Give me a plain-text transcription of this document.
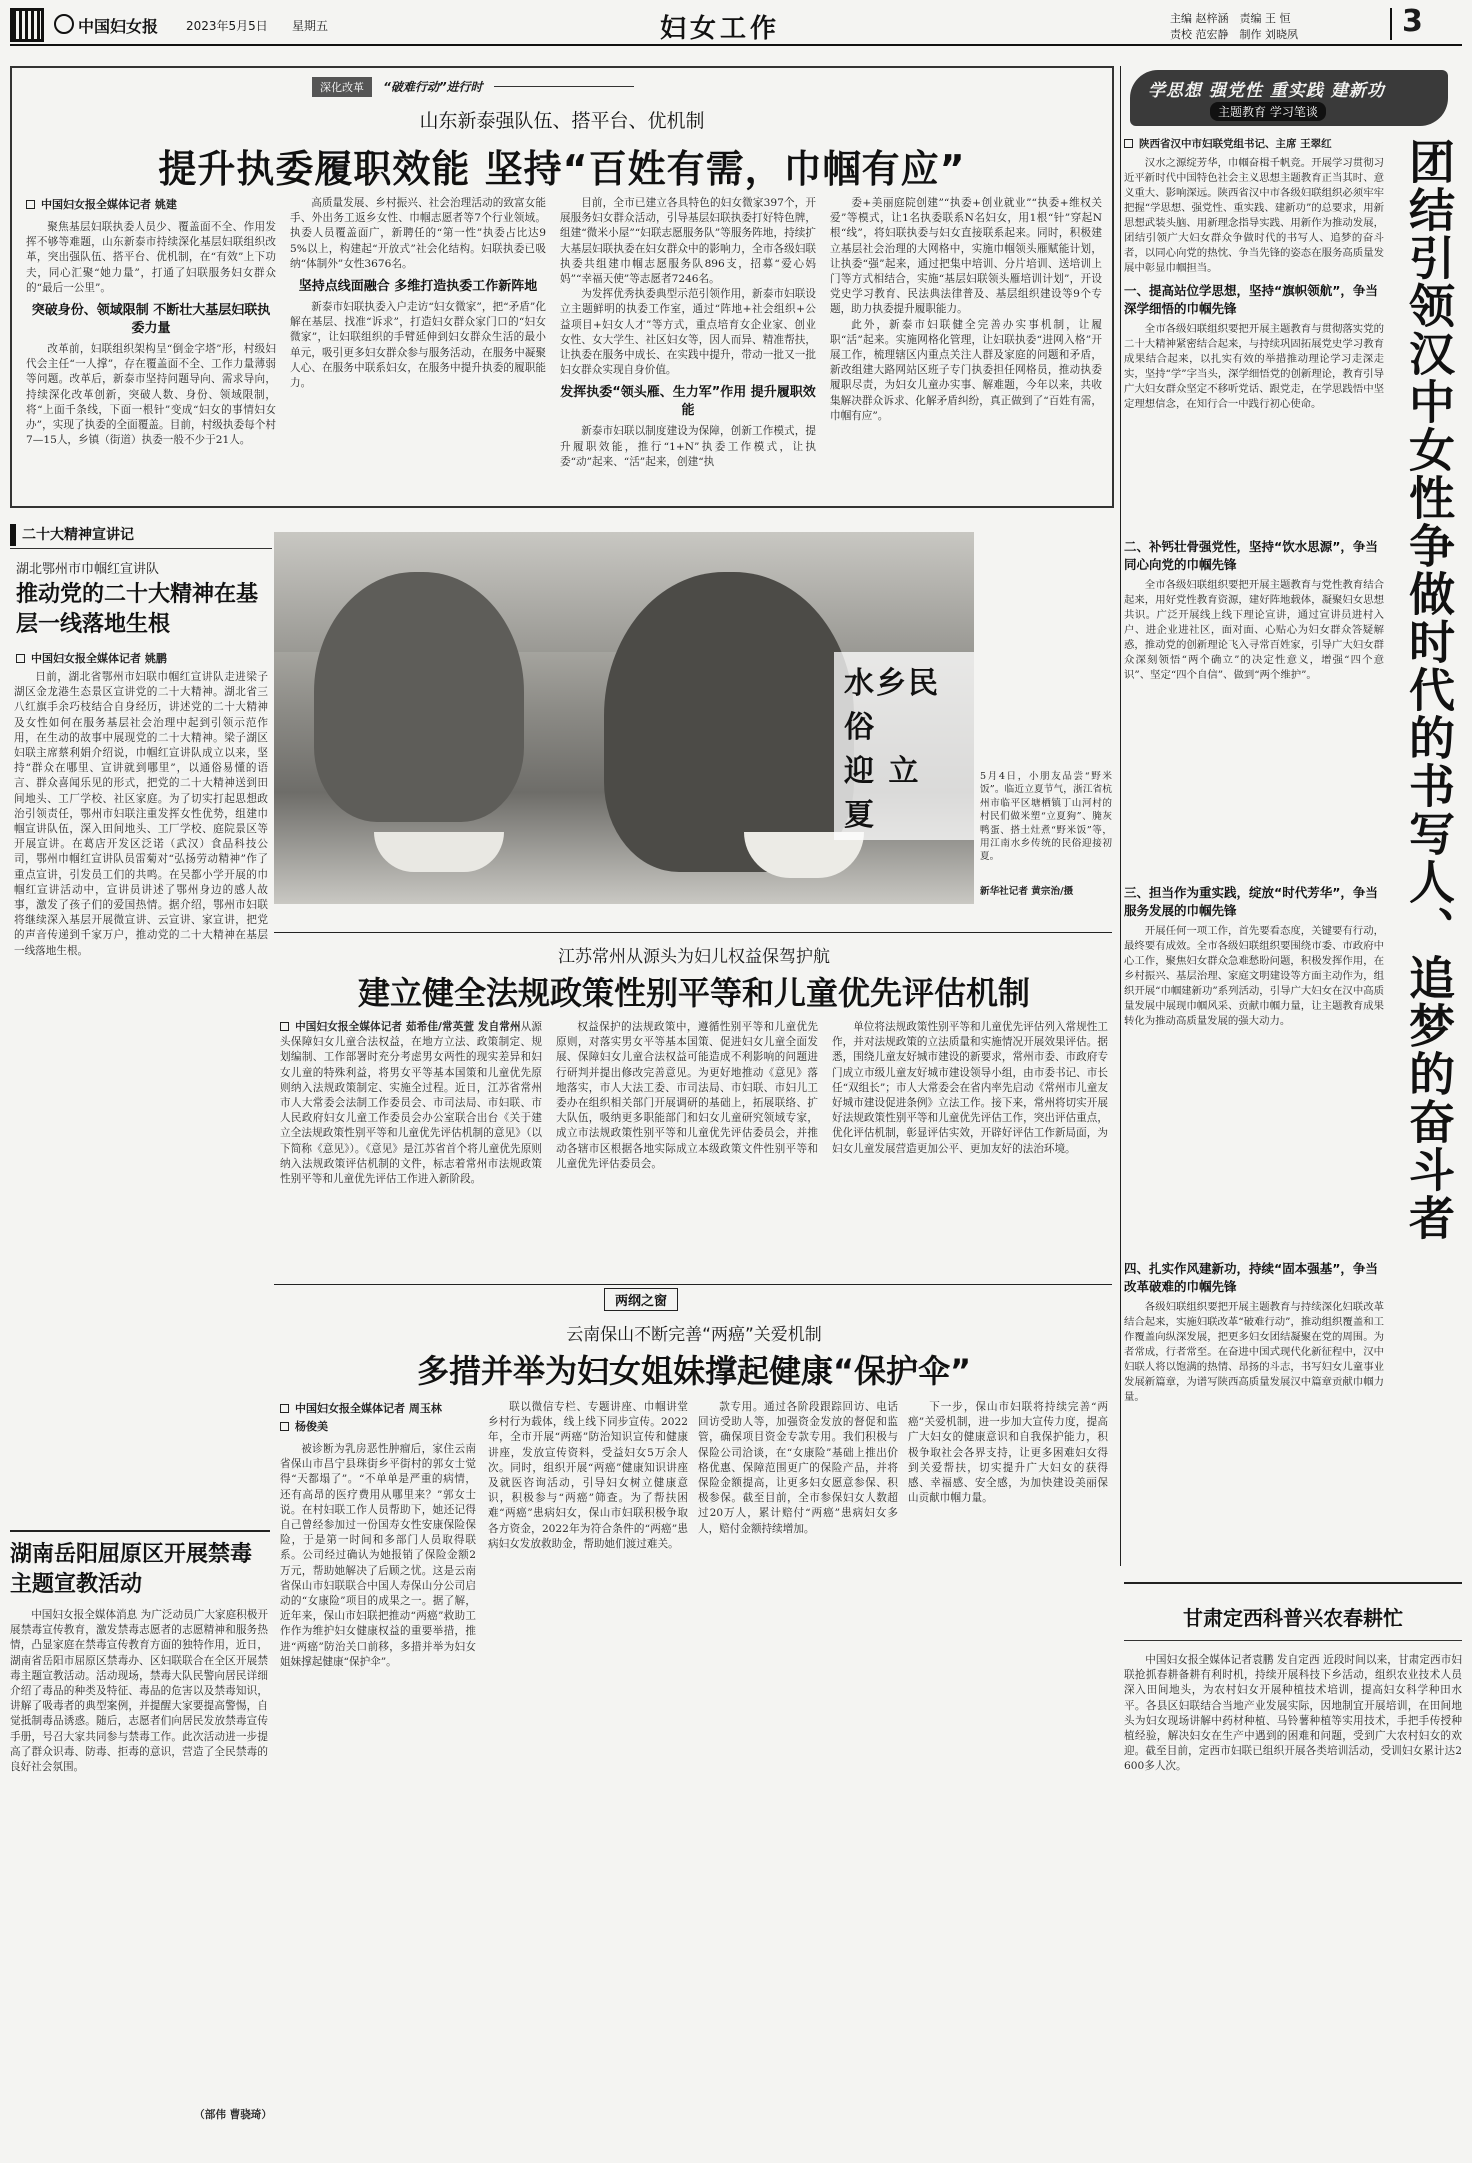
中国妇女报 2023年5月5日 星期五	妇女工作	主编 赵梓涵　责编 王 恒
责校 范宏静　制作 刘晓夙	3
深化改革 “破难行动”进行时
山东新泰强队伍、搭平台、优机制
提升执委履职效能 坚持“百姓有需，巾帼有应”
中国妇女报全媒体记者 姚建

聚焦基层妇联执委人员少、覆盖面不全、作用发挥不够等难题，山东新泰市持续深化基层妇联组织改革，突出强队伍、搭平台、优机制，在“有效”上下功夫，同心汇聚“她力量”，打通了妇联服务妇女群众的“最后一公里”。

突破身份、领域限制 不断壮大基层妇联执委力量

改革前，妇联组织架构呈“倒金字塔”形，村级妇代会主任“一人撑”，存在覆盖面不全、工作力量薄弱等问题。改革后，新泰市坚持问题导向、需求导向，持续深化改革创新，突破人数、身份、领域限制，将“上面千条线，下面一根针”变成“妇女的事情妇女办”，实现了执委的全面覆盖。目前，村级执委每个村7—15人，乡镇（街道）执委一般不少于21人。

高质量发展、乡村振兴、社会治理活动的致富女能手、外出务工返乡女性、巾帼志愿者等7个行业领域。执委人员覆盖面广，新聘任的“第一性”执委占比达95%以上，构建起“开放式”社会化结构。妇联执委已吸纳“体制外”女性3676名。

坚持点线面融合 多维打造执委工作新阵地

新泰市妇联执委入户走访“妇女微家”，把“矛盾”化解在基层、找准“诉求”，打造妇女群众家门口的“妇女微家”，让妇联组织的手臂延伸到妇女群众生活的最小单元，吸引更多妇女群众参与服务活动，在服务中凝聚人心、在服务中联系妇女，在服务中提升执委的履职能力。

目前，全市已建立各具特色的妇女微家397个，开展服务妇女群众活动，引导基层妇联执委打好特色牌，组建“微米小屋”“妇联志愿服务队”等服务阵地，持续扩大基层妇联执委在妇女群众中的影响力，全市各级妇联执委共组建巾帼志愿服务队896支，招募“爱心妈妈”“幸福天使”等志愿者7246名。

为发挥优秀执委典型示范引领作用，新泰市妇联设立主题鲜明的执委工作室，通过“阵地+社会组织+公益项目+妇女人才”等方式，重点培育女企业家、创业女性、女大学生、社区妇女等，因人而异、精准帮扶，让执委在服务中成长、在实践中提升，带动一批又一批妇女群众实现自身价值。

发挥执委“领头雁、生力军”作用 提升履职效能

新泰市妇联以制度建设为保障，创新工作模式，提升履职效能，推行“1+N”执委工作模式，让执委“动”起来、“活”起来，创建“执

委+美丽庭院创建”“执委+创业就业”“执委+维权关爱”等模式，让1名执委联系N名妇女，用1根“针”穿起N根“线”，将妇联执委与妇女直接联系起来。同时，积极建立基层社会治理的大网格中，实施巾帼领头雁赋能计划，让执委“强”起来，通过把集中培训、分片培训、送培训上门等方式相结合，实施“基层妇联领头雁培训计划”，开设党史学习教育、民法典法律普及、基层组织建设等9个专题，助力执委提升履职能力。

此外，新泰市妇联健全完善办实事机制，让履职“活”起来。实施网格化管理，让妇联执委“进网入格”开展工作，梳理辖区内重点关注人群及家庭的问题和矛盾，新改组建大路网站区班子专门执委担任网格员，推动执委履职尽责，为妇女儿童办实事、解难题，今年以来，共收集解决群众诉求、化解矛盾纠纷，真正做到了“百姓有需，巾帼有应”。

学思想 强党性 重实践 建新功
主题教育 学习笔谈
陕西省汉中市妇联党组书记、主席 王翠红

汉水之源绽芳华，巾帼奋楫千帆竞。开展学习贯彻习近平新时代中国特色社会主义思想主题教育正当其时、意义重大、影响深远。陕西省汉中市各级妇联组织必须牢牢把握“学思想、强党性、重实践、建新功”的总要求，用新思想武装头脑、用新理念指导实践、用新作为推动发展，团结引领广大妇女群众争做时代的书写人、追梦的奋斗者，以同心向党的热忱、争当先锋的姿态在服务高质量发展中彰显巾帼担当。

一、提高站位学思想，坚持“旗帜领航”，争当深学细悟的巾帼先锋

全市各级妇联组织要把开展主题教育与贯彻落实党的二十大精神紧密结合起来，与持续巩固拓展党史学习教育成果结合起来，以扎实有效的举措推动理论学习走深走实，坚持“学”字当头，深学细悟党的创新理论，教育引导广大妇女群众坚定不移听党话、跟党走，在学思践悟中坚定理想信念，在知行合一中践行初心使命。

二、补钙壮骨强党性，坚持“饮水思源”，争当同心向党的巾帼先锋

全市各级妇联组织要把开展主题教育与党性教育结合起来，用好党性教育资源，建好阵地载体，凝聚妇女思想共识。广泛开展线上线下理论宣讲，通过宣讲员进村入户、进企业进社区，面对面、心贴心为妇女群众答疑解惑，推动党的创新理论飞入寻常百姓家，引导广大妇女群众深刻领悟“两个确立”的决定性意义，增强“四个意识”、坚定“四个自信”、做到“两个维护”。

三、担当作为重实践，绽放“时代芳华”，争当服务发展的巾帼先锋

开展任何一项工作，首先要看态度，关键要有行动，最终要有成效。全市各级妇联组织要围绕市委、市政府中心工作，聚焦妇女群众急难愁盼问题，积极发挥作用，在乡村振兴、基层治理、家庭文明建设等方面主动作为，组织开展“巾帼建新功”系列活动，引导广大妇女在汉中高质量发展中展现巾帼风采、贡献巾帼力量，让主题教育成果转化为推动高质量发展的强大动力。

四、扎实作风建新功，持续“固本强基”，争当改革破难的巾帼先锋

各级妇联组织要把开展主题教育与持续深化妇联改革结合起来，实施妇联改革“破难行动”，推动组织覆盖和工作覆盖向纵深发展，把更多妇女团结凝聚在党的周围。为者常成，行者常至。在奋进中国式现代化新征程中，汉中妇联人将以饱满的热情、昂扬的斗志，书写妇女儿童事业发展新篇章，为谱写陕西高质量发展汉中篇章贡献巾帼力量。

团结引领汉中女性争做时代的书写人、追梦的奋斗者
二十大精神宣讲记
湖北鄂州市巾帼红宣讲队
推动党的二十大精神在基层一线落地生根
中国妇女报全媒体记者 姚鹏

日前，湖北省鄂州市妇联巾帼红宣讲队走进梁子湖区金龙港生态景区宣讲党的二十大精神。湖北省三八红旗手余巧枝结合自身经历，讲述党的二十大精神及女性如何在服务基层社会治理中起到引领示范作用，在生动的故事中展现党的二十大精神。梁子湖区妇联主席蔡利娟介绍说，巾帼红宣讲队成立以来，坚持“群众在哪里、宣讲就到哪里”，以通俗易懂的语言、群众喜闻乐见的形式，把党的二十大精神送到田间地头、工厂学校、社区家庭。为了切实打起思想政治引领责任，鄂州市妇联注重发挥女性优势，组建巾帼宣讲队伍，深入田间地头、工厂学校、庭院景区等开展宣讲。在葛店开发区泛诺（武汉）食品科技公司，鄂州巾帼红宣讲队员雷菊对“弘扬劳动精神”作了重点宣讲，引发员工们的共鸣。在吴都小学开展的巾帼红宣讲活动中，宣讲员讲述了鄂州身边的感人故事，激发了孩子们的爱国热情。据介绍，鄂州市妇联将继续深入基层开展微宣讲、云宣讲、家宣讲，把党的声音传递到千家万户，推动党的二十大精神在基层一线落地生根。

水乡民俗
迎 立 夏

5月4日，小朋友品尝“野米饭”。临近立夏节气，浙江省杭州市临平区塘栖镇丁山河村的村民们做米塑“立夏狗”、腌灰鸭蛋、搭土灶煮“野米饭”等，用江南水乡传统的民俗迎接初夏。

新华社记者 黄宗治/摄

江苏常州从源头为妇儿权益保驾护航
建立健全法规政策性别平等和儿童优先评估机制

中国妇女报全媒体记者 茹希佳/常英萱 发自常州从源头保障妇女儿童合法权益，在地方立法、政策制定、规划编制、工作部署时充分考虑男女两性的现实差异和妇女儿童的特殊利益，将男女平等基本国策和儿童优先原则纳入法规政策制定、实施全过程。近日，江苏省常州市人大常委会法制工作委员会、市司法局、市妇联、市人民政府妇女儿童工作委员会办公室联合出台《关于建立全法规政策性别平等和儿童优先评估机制的意见》（以下简称《意见》）。《意见》是江苏省首个将儿童优先原则纳入法规政策评估机制的文件，标志着常州市法规政策性别平等和儿童优先评估工作进入新阶段。

权益保护的法规政策中，遵循性别平等和儿童优先原则，对落实男女平等基本国策、促进妇女儿童全面发展、保障妇女儿童合法权益可能造成不利影响的问题进行研判并提出修改完善意见。为更好地推动《意见》落地落实，市人大法工委、市司法局、市妇联、市妇儿工委办在组织相关部门开展调研的基础上，拓展联络、扩大队伍，吸纳更多职能部门和妇女儿童研究领域专家，成立市法规政策性别平等和儿童优先评估委员会，并推动各辖市区根据各地实际成立本级政策文件性别平等和儿童优先评估委员会。

单位将法规政策性别平等和儿童优先评估列入常规性工作，并对法规政策的立法质量和实施情况开展效果评估。据悉，围绕儿童友好城市建设的新要求，常州市委、市政府专门成立市级儿童友好城市建设领导小组，由市委书记、市长任“双组长”；市人大常委会在省内率先启动《常州市儿童友好城市建设促进条例》立法工作。接下来，常州将切实开展好法规政策性别平等和儿童优先评估工作，突出评估重点，优化评估机制，彰显评估实效，开辟好评估工作新局面，为妇女儿童发展营造更加公平、更加友好的法治环境。

湖南岳阳屈原区开展禁毒主题宣教活动

中国妇女报全媒体消息 为广泛动员广大家庭积极开展禁毒宣传教育，激发禁毒志愿者的志愿精神和服务热情，凸显家庭在禁毒宣传教育方面的独特作用，近日，湖南省岳阳市屈原区禁毒办、区妇联联合在全区开展禁毒主题宣教活动。活动现场，禁毒大队民警向居民详细介绍了毒品的种类及特征、毒品的危害以及禁毒知识，讲解了吸毒者的典型案例，并提醒大家要提高警惕，自觉抵制毒品诱惑。随后，志愿者们向居民发放禁毒宣传手册，号召大家共同参与禁毒工作。此次活动进一步提高了群众识毒、防毒、拒毒的意识，营造了全民禁毒的良好社会氛围。

（部伟 曹骁琦）

两纲之窗
云南保山不断完善“两癌”关爱机制
多措并举为妇女姐妹撑起健康“保护伞”
中国妇女报全媒体记者 周玉林
杨俊美

被诊断为乳房恶性肿瘤后，家住云南省保山市昌宁县珠街乡平街村的郭女士觉得“天都塌了”。“不单单是严重的病情，还有高昂的医疗费用从哪里来？”郭女士说。在村妇联工作人员帮助下，她还记得自己曾经参加过一份国寿女性安康保险保险，于是第一时间和多部门人员取得联系。公司经过确认为她报销了保险金额2万元，帮助她解决了后顾之忧。这是云南省保山市妇联联合中国人寿保山分公司启动的“女康险”项目的成果之一。据了解，近年来，保山市妇联把推动“两癌”救助工作作为维护妇女健康权益的重要举措，推进“两癌”防治关口前移，多措并举为妇女姐妹撑起健康“保护伞”。

联以微信专栏、专题讲座、巾帼讲堂乡村行为载体，线上线下同步宣传。2022年，全市开展“两癌”防治知识宣传和健康讲座，发放宣传资料，受益妇女5万余人次。同时，组织开展“两癌”健康知识讲座及就医咨询活动，引导妇女树立健康意识，积极参与“两癌”筛查。为了帮扶困难“两癌”患病妇女，保山市妇联积极争取各方资金，2022年为符合条件的“两癌”患病妇女发放救助金，帮助她们渡过难关。

款专用。通过各阶段跟踪回访、电话回访受助人等，加强资金发放的督促和监管，确保项目资金专款专用。我们积极与保险公司洽谈，在“女康险”基础上推出价格优惠、保障范围更广的保险产品，并将保险金额提高，让更多妇女愿意参保、积极参保。截至目前，全市参保妇女人数超过20万人，累计赔付“两癌”患病妇女多人，赔付金额持续增加。

下一步，保山市妇联将持续完善“两癌”关爱机制，进一步加大宣传力度，提高广大妇女的健康意识和自我保护能力，积极争取社会各界支持，让更多困难妇女得到关爱帮扶，切实提升广大妇女的获得感、幸福感、安全感，为加快建设美丽保山贡献巾帼力量。

甘肃定西科普兴农春耕忙

中国妇女报全媒体记者袁鹏 发自定西 近段时间以来，甘肃定西市妇联抢抓春耕备耕有利时机，持续开展科技下乡活动，组织农业技术人员深入田间地头，为农村妇女开展种植技术培训，提高妇女科学种田水平。各县区妇联结合当地产业发展实际，因地制宜开展培训，在田间地头为妇女现场讲解中药材种植、马铃薯种植等实用技术，手把手传授种植经验，解决妇女在生产中遇到的困难和问题，受到广大农村妇女的欢迎。截至目前，定西市妇联已组织开展各类培训活动，受训妇女累计达2600多人次。
